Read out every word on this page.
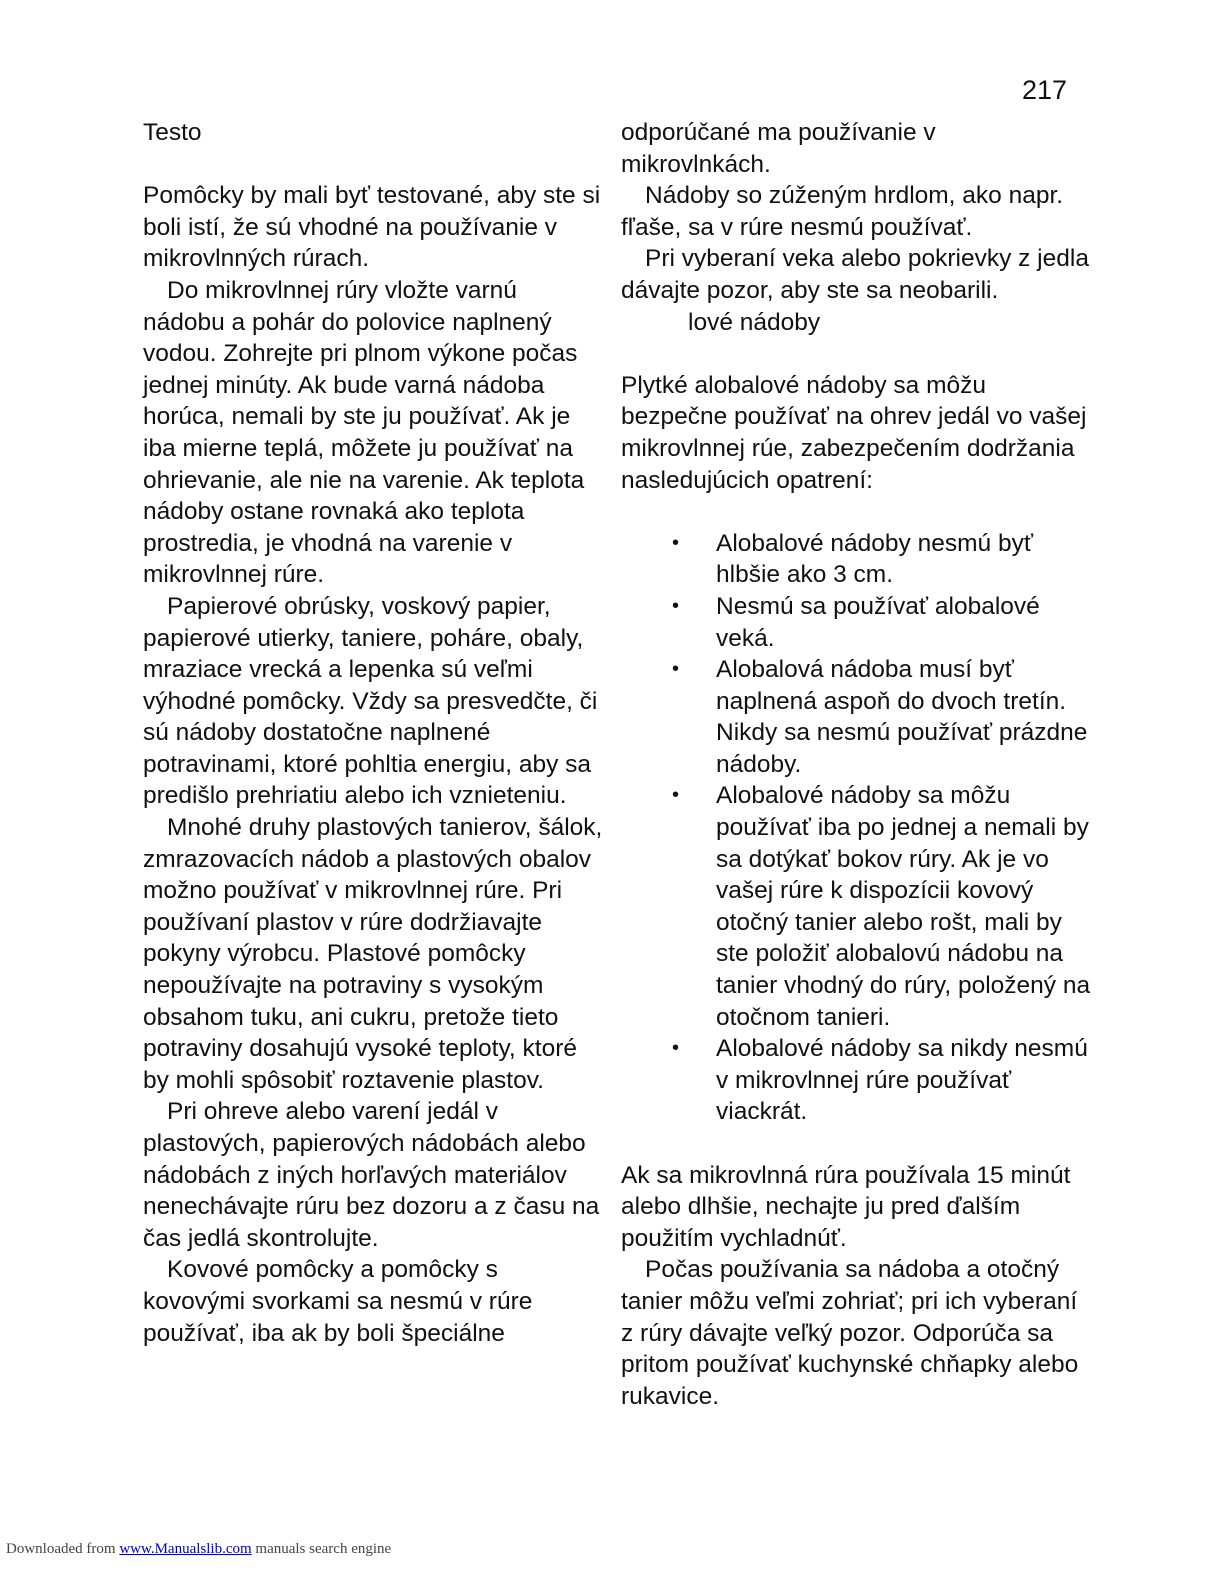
217
Testo

Pomôcky by mali byť testované, aby ste si boli istí, že sú vhodné na používanie v mikrovlnných rúrach.

Do mikrovlnnej rúry vložte varnú nádobu a pohár do polovice naplnený vodou. Zohrejte pri plnom výkone počas jednej minúty. Ak bude varná nádoba horúca, nemali by ste ju používať. Ak je iba mierne teplá, môžete ju používať na ohrievanie, ale nie na varenie. Ak teplota nádoby ostane rovnaká ako teplota prostredia, je vhodná na varenie v mikrovlnnej rúre.

Papierové obrúsky, voskový papier, papierové utierky, taniere, poháre, obaly, mraziace vrecká a lepenka sú veľmi výhodné pomôcky. Vždy sa presvedčte, či sú nádoby dostatočne naplnené potravinami, ktoré pohltia energiu, aby sa predišlo prehriatiu alebo ich vznieteniu.

Mnohé druhy plastových tanierov, šálok, zmrazovacích nádob a plastových obalov možno používať v mikrovlnnej rúre. Pri používaní plastov v rúre dodržiavajte pokyny výrobcu. Plastové pomôcky nepoužívajte na potraviny s vysokým obsahom tuku, ani cukru, pretože tieto potraviny dosahujú vysoké teploty, ktoré by mohli spôsobiť roztavenie plastov.

Pri ohreve alebo varení jedál v plastových, papierových nádobách alebo nádobách z iných horľavých materiálov nenechávajte rúru bez dozoru a z času na čas jedlá skontrolujte.

Kovové pomôcky a pomôcky s kovovými svorkami sa nesmú v rúre používať, iba ak by boli špeciálne

odporúčané ma používanie v mikrovlnkách.

Nádoby so zúženým hrdlom, ako napr. fľaše, sa v rúre nesmú používať.

Pri vyberaní veka alebo pokrievky z jedla dávajte pozor, aby ste sa neobarili.

lové nádoby

Plytké alobalové nádoby sa môžu bezpečne používať na ohrev jedál vo vašej mikrovlnnej rúe, zabezpečením dodržania nasledujúcich opatrení:

• Alobalové nádoby nesmú byť hlbšie ako 3 cm.
• Nesmú sa používať alobalové veká.
• Alobalová nádoba musí byť naplnená aspoň do dvoch tretín. Nikdy sa nesmú používať prázdne nádoby.
• Alobalové nádoby sa môžu používať iba po jednej a nemali by sa dotýkať bokov rúry. Ak je vo vašej rúre k dispozícii kovový otočný tanier alebo rošt, mali by ste položiť alobalovú nádobu na tanier vhodný do rúry, položený na otočnom tanieri.
• Alobalové nádoby sa nikdy nesmú v mikrovlnnej rúre používať viackrát.

Ak sa mikrovlnná rúra používala 15 minút alebo dlhšie, nechajte ju pred ďalším použitím vychladnúť.

Počas používania sa nádoba a otočný tanier môžu veľmi zohriať; pri ich vyberaní z rúry dávajte veľký pozor. Odporúča sa pritom používať kuchynské chňapky alebo rukavice.

Downloaded from www.Manualslib.com manuals search engine
